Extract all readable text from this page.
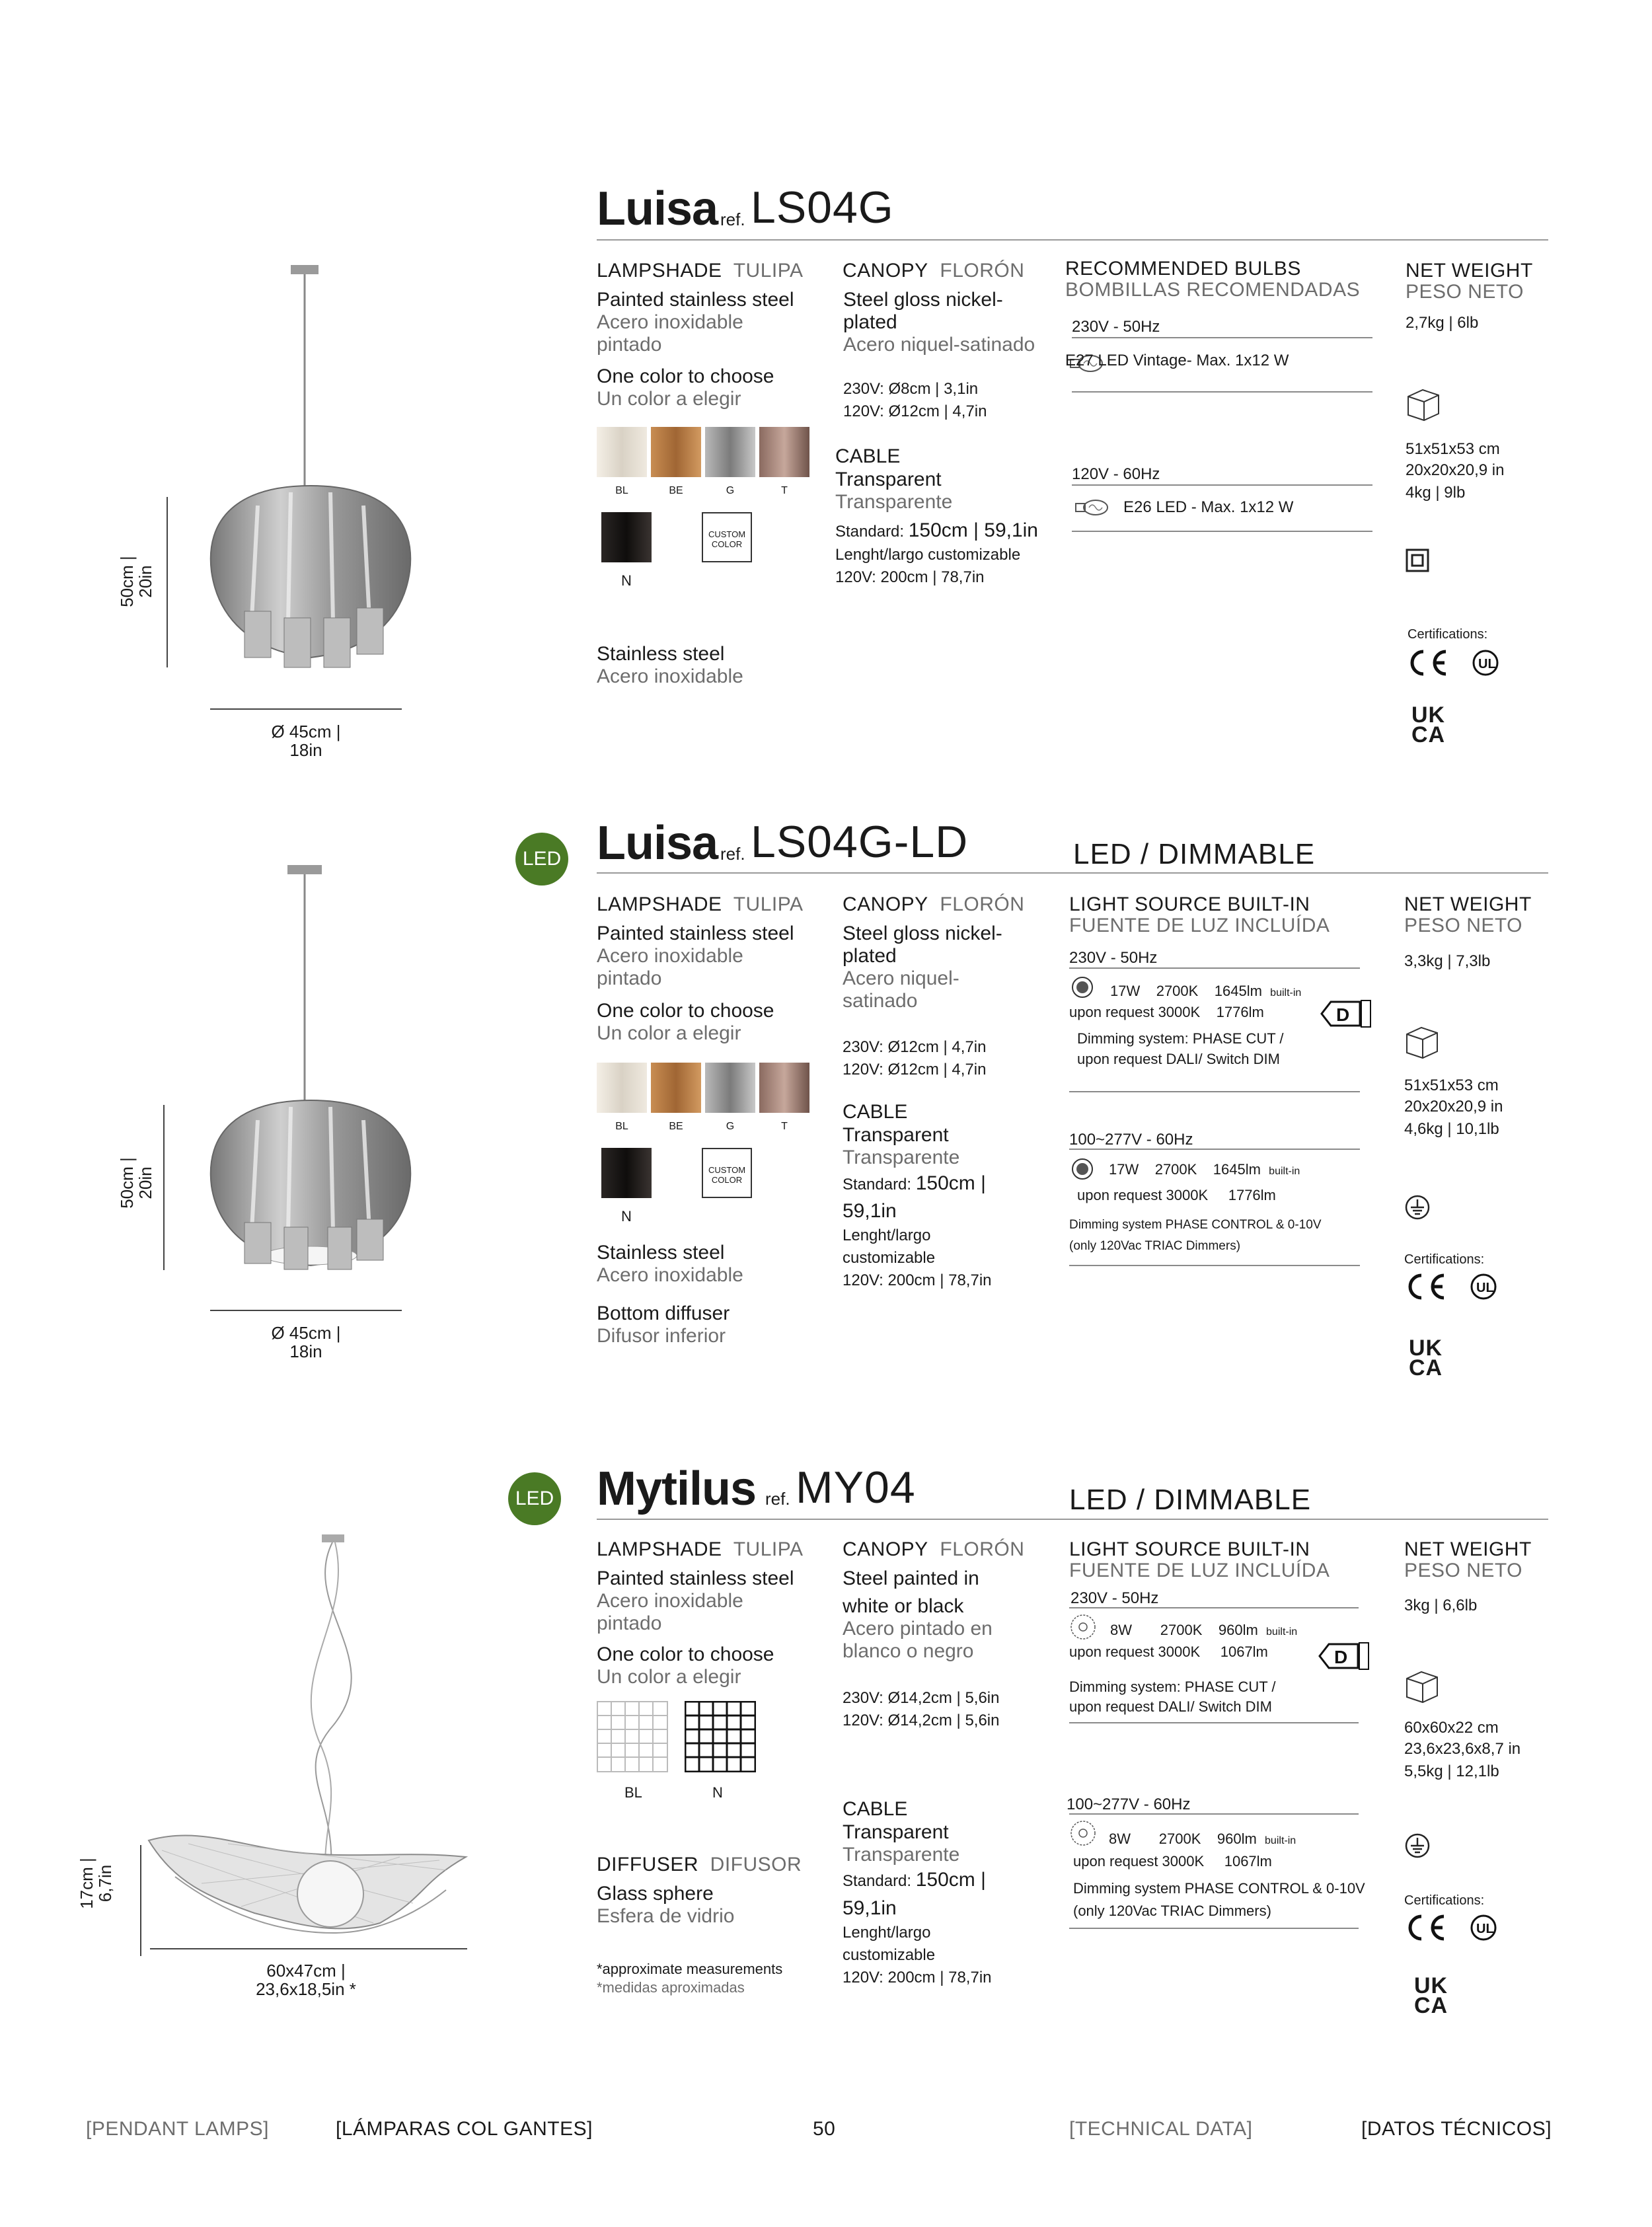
50cm |
20in
Ø 45cm |
18in
Luisa ref. LS04G
LAMPSHADE TULIPA
Painted stainless steel
Acero inoxidable
pintado
One color to choose
Un color a elegir
BL	BE	G	T
N
CUSTOM
COLOR
Stainless steel
Acero inoxidable
CANOPY FLORÓN
Steel gloss nickel-
plated
Acero niquel-satinado
230V: Ø8cm | 3,1in
120V: Ø12cm | 4,7in
CABLE
Transparent
Transparente
Standard: 150cm | 59,1in
Lenght/largo customizable
120V: 200cm | 78,7in
RECOMMENDED BULBS
BOMBILLAS RECOMENDADAS
230V - 50Hz
E27 LED Vintage- Max. 1x12 W
120V - 60Hz
E26 LED - Max. 1x12 W
NET WEIGHT
PESO NETO
2,7kg | 6lb
51x51x53 cm
20x20x20,9 in
4kg | 9lb
Certifications:
UL
UK
CA
50cm |
20in
Ø 45cm |
18in
LED Luisa ref. LS04G-LD	LED / DIMMABLE
LAMPSHADE TULIPA
Painted stainless steel
Acero inoxidable
pintado
One color to choose
Un color a elegir
BL	BE	G	T
N
CUSTOM
COLOR
Stainless steel
Acero inoxidable
Bottom diffuser
Difusor inferior
CANOPY FLORÓN
Steel gloss nickel-
plated
Acero niquel-
satinado
230V: Ø12cm | 4,7in
120V: Ø12cm | 4,7in
CABLE
Transparent
Transparente
Standard: 150cm |
59,1in
Lenght/largo
customizable
120V: 200cm | 78,7in
LIGHT SOURCE BUILT-IN
FUENTE DE LUZ INCLUÍDA
230V - 50Hz
17W 2700K 1645lm built-in
upon request 3000K 1776lm	D
Dimming system: PHASE CUT /
upon request DALI/ Switch DIM
100~277V - 60Hz
17W 2700K 1645lm built-in
upon request 3000K     1776lm
Dimming system PHASE CONTROL & 0-10V
(only 120Vac TRIAC Dimmers)
NET WEIGHT
PESO NETO
3,3kg | 7,3lb
51x51x53 cm
20x20x20,9 in
4,6kg | 10,1lb
Certifications:
UL
UK
CA
17cm |
6,7in
60x47cm |
23,6x18,5in *
LED Mytilus ref. MY04	LED / DIMMABLE
LAMPSHADE TULIPA
Painted stainless steel
Acero inoxidable
pintado
One color to choose
Un color a elegir
BL	N
DIFFUSER DIFUSOR
Glass sphere
Esfera de vidrio
*approximate measurements
*medidas aproximadas
CANOPY FLORÓN
Steel painted in
white or black
Acero pintado en
blanco o negro
230V: Ø14,2cm | 5,6in
120V: Ø14,2cm | 5,6in
CABLE
Transparent
Transparente
Standard: 150cm |
59,1in
Lenght/largo
customizable
120V: 200cm | 78,7in
LIGHT SOURCE BUILT-IN
FUENTE DE LUZ INCLUÍDA
230V - 50Hz
8W 2700K 960lm built-in
upon request 3000K     1067lm	D
Dimming system: PHASE CUT /
upon request DALI/ Switch DIM
100~277V - 60Hz
8W 2700K 960lm built-in
upon request 3000K     1067lm
Dimming system PHASE CONTROL & 0-10V
(only 120Vac TRIAC Dimmers)
NET WEIGHT
PESO NETO
3kg | 6,6lb
60x60x22 cm
23,6x23,6x8,7 in
5,5kg | 12,1lb
Certifications:
UL
UK
CA
[PENDANT LAMPS]	[LÁMPARAS COL GANTES]	50	[TECHNICAL DATA]	[DATOS TÉCNICOS]
